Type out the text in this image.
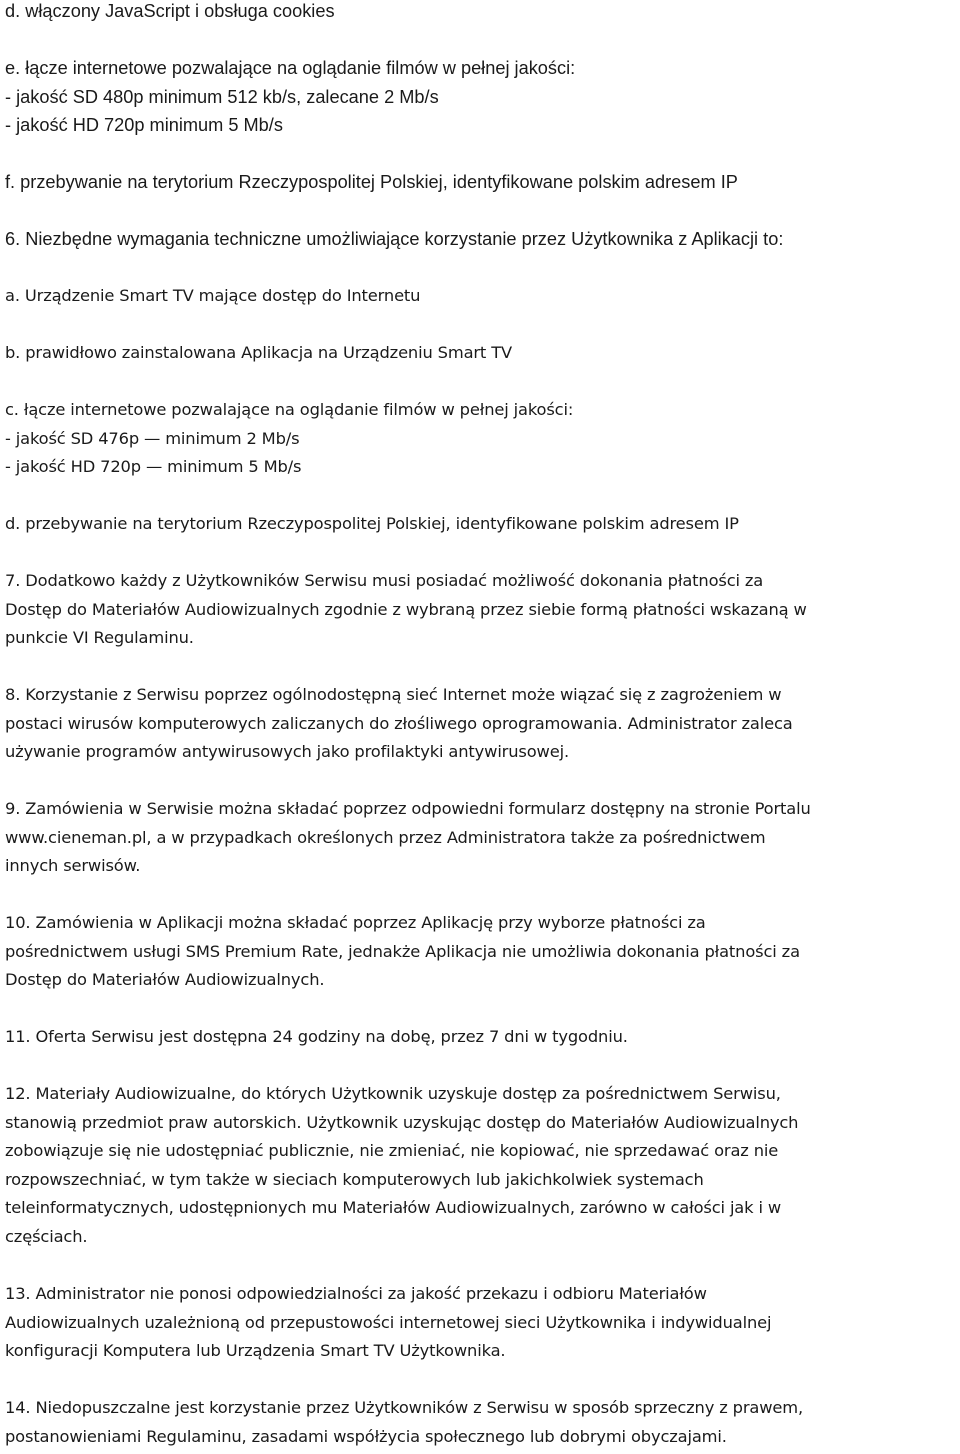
d. włączony JavaScript i obsługa cookies
e. łącze internetowe pozwalające na oglądanie filmów w pełnej jakości:
- jakość SD 480p minimum 512 kb/s, zalecane 2 Mb/s
- jakość HD 720p minimum 5 Mb/s
f. przebywanie na terytorium Rzeczypospolitej Polskiej, identyfikowane polskim adresem IP
6. Niezbędne wymagania techniczne umożliwiające korzystanie przez Użytkownika z Aplikacji to:
a. Urządzenie Smart TV mające dostęp do Internetu
b. prawidłowo zainstalowana Aplikacja na Urządzeniu Smart TV
c. łącze internetowe pozwalające na oglądanie filmów w pełnej jakości:
- jakość SD 476p — minimum 2 Mb/s
- jakość HD 720p — minimum 5 Mb/s
d. przebywanie na terytorium Rzeczypospolitej Polskiej, identyfikowane polskim adresem IP
7. Dodatkowo każdy z Użytkowników Serwisu musi posiadać możliwość dokonania płatności za
Dostęp do Materiałów Audiowizualnych zgodnie z wybraną przez siebie formą płatności wskazaną w
punkcie VI Regulaminu.
8. Korzystanie z Serwisu poprzez ogólnodostępną sieć Internet może wiązać się z zagrożeniem w
postaci wirusów komputerowych zaliczanych do złośliwego oprogramowania. Administrator zaleca
używanie programów antywirusowych jako profilaktyki antywirusowej.
9. Zamówienia w Serwisie można składać poprzez odpowiedni formularz dostępny na stronie Portalu
www.cieneman.pl, a w przypadkach określonych przez Administratora także za pośrednictwem
innych serwisów.
10. Zamówienia w Aplikacji można składać poprzez Aplikację przy wyborze płatności za
pośrednictwem usługi SMS Premium Rate, jednakże Aplikacja nie umożliwia dokonania płatności za
Dostęp do Materiałów Audiowizualnych.
11. Oferta Serwisu jest dostępna 24 godziny na dobę, przez 7 dni w tygodniu.
12. Materiały Audiowizualne, do których Użytkownik uzyskuje dostęp za pośrednictwem Serwisu,
stanowią przedmiot praw autorskich. Użytkownik uzyskując dostęp do Materiałów Audiowizualnych
zobowiązuje się nie udostępniać publicznie, nie zmieniać, nie kopiować, nie sprzedawać oraz nie
rozpowszechniać, w tym także w sieciach komputerowych lub jakichkolwiek systemach
teleinformatycznych, udostępnionych mu Materiałów Audiowizualnych, zarówno w całości jak i w
częściach.
13. Administrator nie ponosi odpowiedzialności za jakość przekazu i odbioru Materiałów
Audiowizualnych uzależnioną od przepustowości internetowej sieci Użytkownika i indywidualnej
konfiguracji Komputera lub Urządzenia Smart TV Użytkownika.
14. Niedopuszczalne jest korzystanie przez Użytkowników z Serwisu w sposób sprzeczny z prawem,
postanowieniami Regulaminu, zasadami współżycia społecznego lub dobrymi obyczajami.
